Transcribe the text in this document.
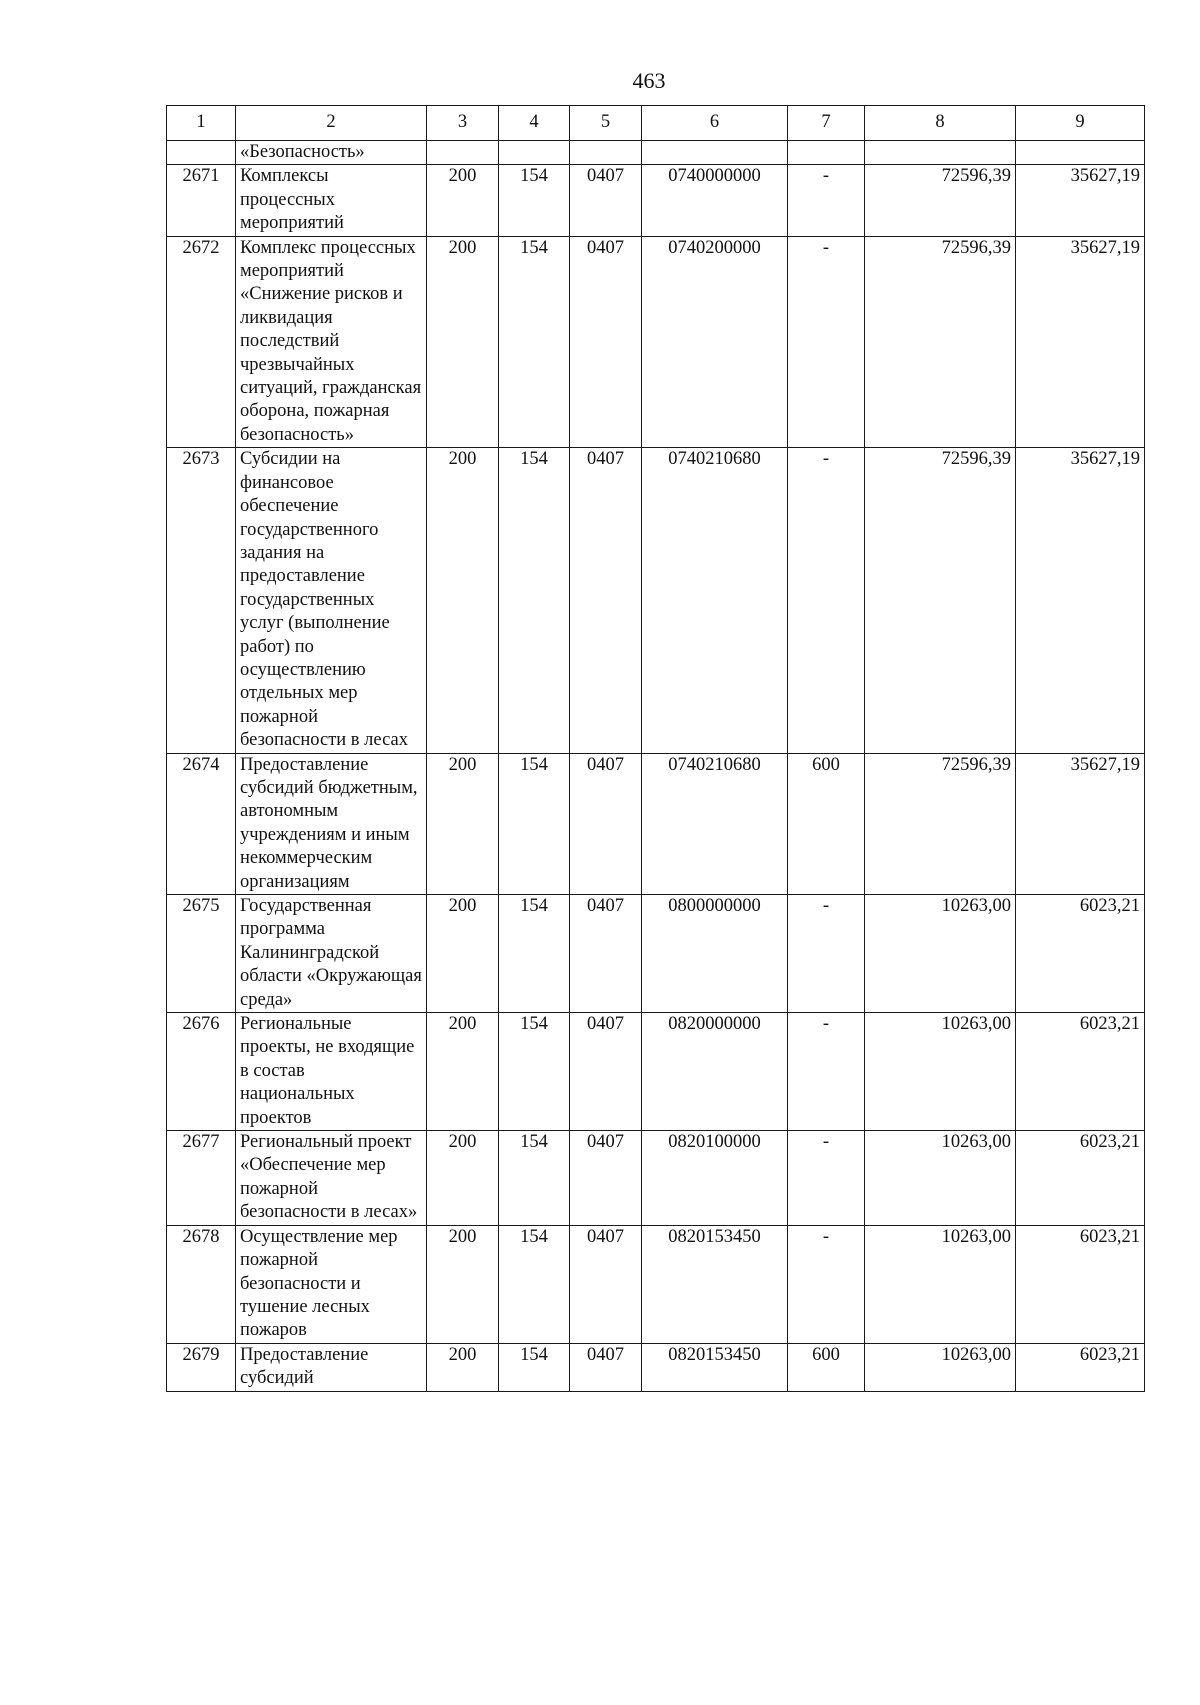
463
1	2	3	4	5	6	7	8	9
	«Безопасность»							
2671	Комплексы процессных мероприятий	200	154	0407	0740000000	-	72596,39	35627,19
2672	Комплекс процессных мероприятий «Снижение рисков и ликвидация последствий чрезвычайных ситуаций, гражданская оборона, пожарная безопасность»	200	154	0407	0740200000	-	72596,39	35627,19
2673	Субсидии на финансовое обеспечение государственного задания на предоставление государственных услуг (выполнение работ) по осуществлению отдельных мер пожарной безопасности в лесах	200	154	0407	0740210680	-	72596,39	35627,19
2674	Предоставление субсидий бюджетным, автономным учреждениям и иным некоммерческим организациям	200	154	0407	0740210680	600	72596,39	35627,19
2675	Государственная программа Калининградской области «Окружающая среда»	200	154	0407	0800000000	-	10263,00	6023,21
2676	Региональные проекты, не входящие в состав национальных проектов	200	154	0407	0820000000	-	10263,00	6023,21
2677	Региональный проект «Обеспечение мер пожарной безопасности в лесах»	200	154	0407	0820100000	-	10263,00	6023,21
2678	Осуществление мер пожарной безопасности и тушение лесных пожаров	200	154	0407	0820153450	-	10263,00	6023,21
2679	Предоставление субсидий	200	154	0407	0820153450	600	10263,00	6023,21
